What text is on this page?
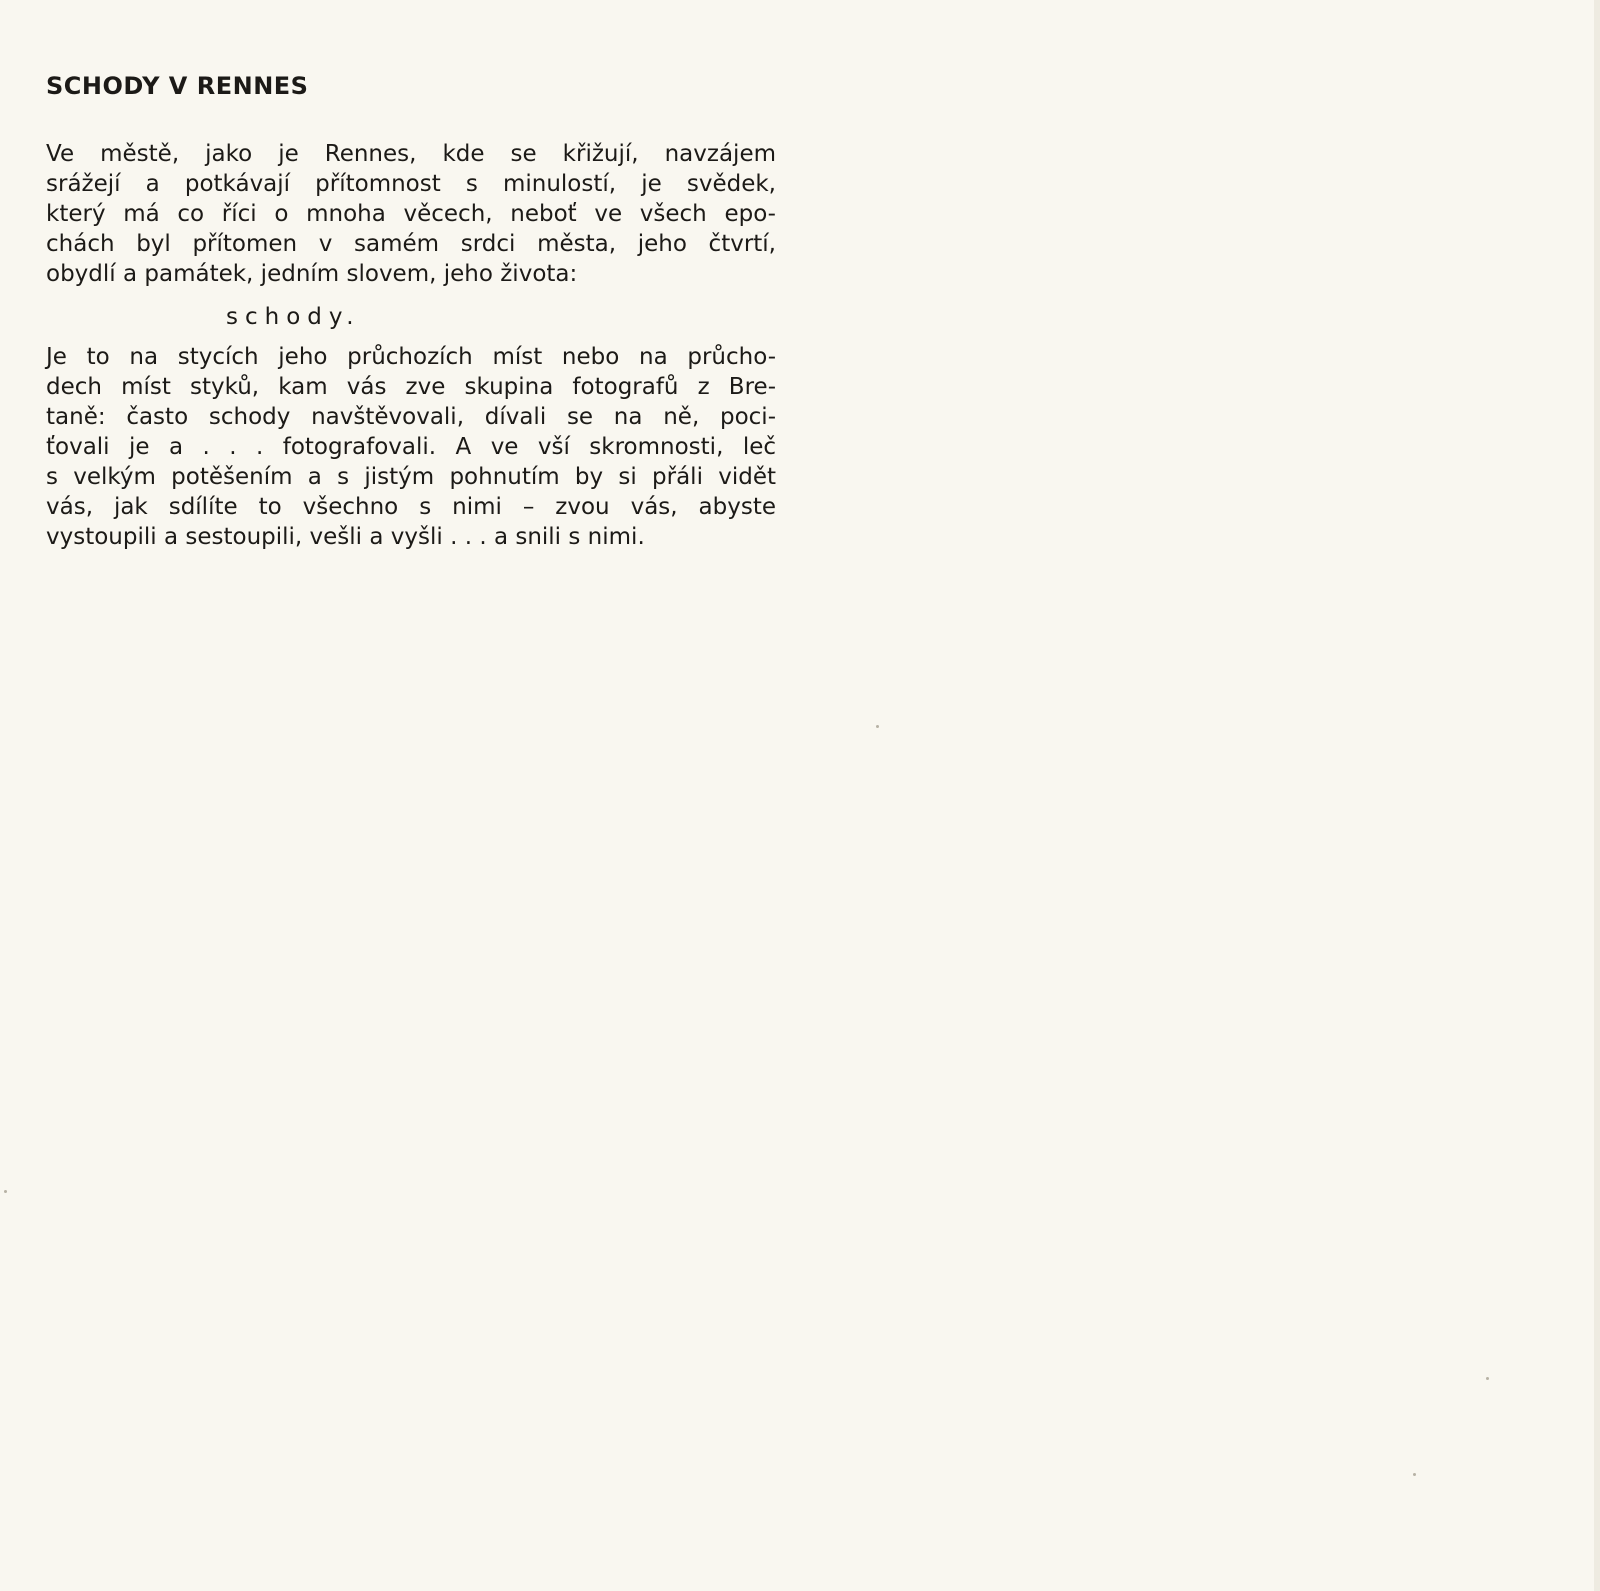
SCHODY V RENNES
Ve městě, jako je Rennes, kde se křižují, navzájem
srážejí a potkávají přítomnost s minulostí, je svědek,
který má co říci o mnoha věcech, neboť ve všech epo-
chách byl přítomen v samém srdci města, jeho čtvrtí,
obydlí a památek, jedním slovem, jeho života:
schody.
Je to na stycích jeho průchozích míst nebo na průcho-
dech míst styků, kam vás zve skupina fotografů z Bre-
taně: často schody navštěvovali, dívali se na ně, poci-
ťovali je a . . . fotografovali. A ve vší skromnosti, leč
s velkým potěšením a s jistým pohnutím by si přáli vidět
vás, jak sdílíte to všechno s nimi – zvou vás, abyste
vystoupili a sestoupili, vešli a vyšli . . . a snili s nimi.
